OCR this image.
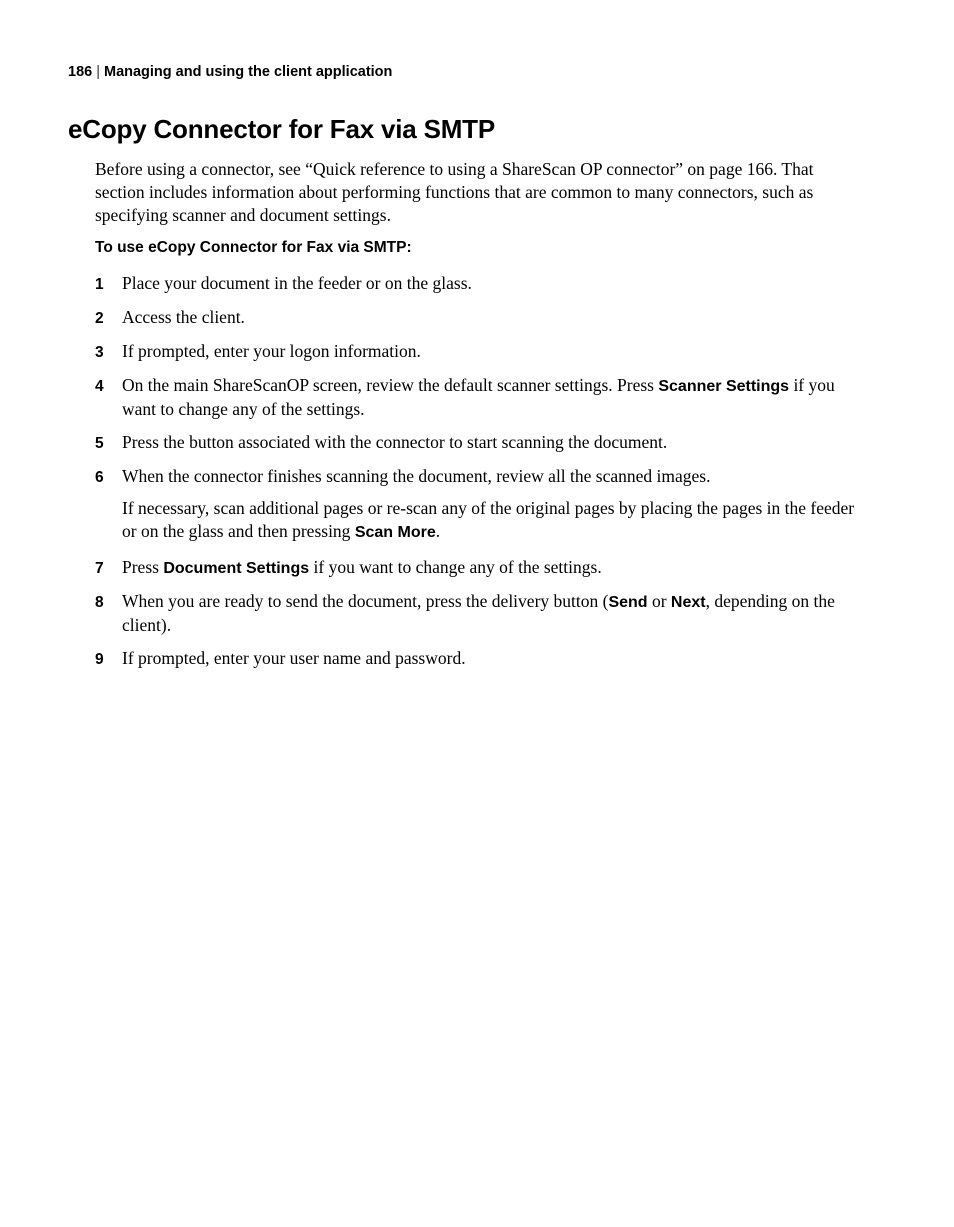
186 | Managing and using the client application
eCopy Connector for Fax via SMTP

Before using a connector, see “Quick reference to using a ShareScan OP connector” on page 166. That section includes information about performing functions that are common to many connectors, such as specifying scanner and document settings.

To use eCopy Connector for Fax via SMTP:
1	Place your document in the feeder or on the glass.
2	Access the client.
3	If prompted, enter your logon information.
4	On the main ShareScanOP screen, review the default scanner settings. Press Scanner Settings if you want to change any of the settings.
5	Press the button associated with the connector to start scanning the document.
6	When the connector finishes scanning the document, review all the scanned images.
If necessary, scan additional pages or re-scan any of the original pages by placing the pages in the feeder or on the glass and then pressing Scan More.
7	Press Document Settings if you want to change any of the settings.
8	When you are ready to send the document, press the delivery button (Send or Next, depending on the client).
9	If prompted, enter your user name and password.
